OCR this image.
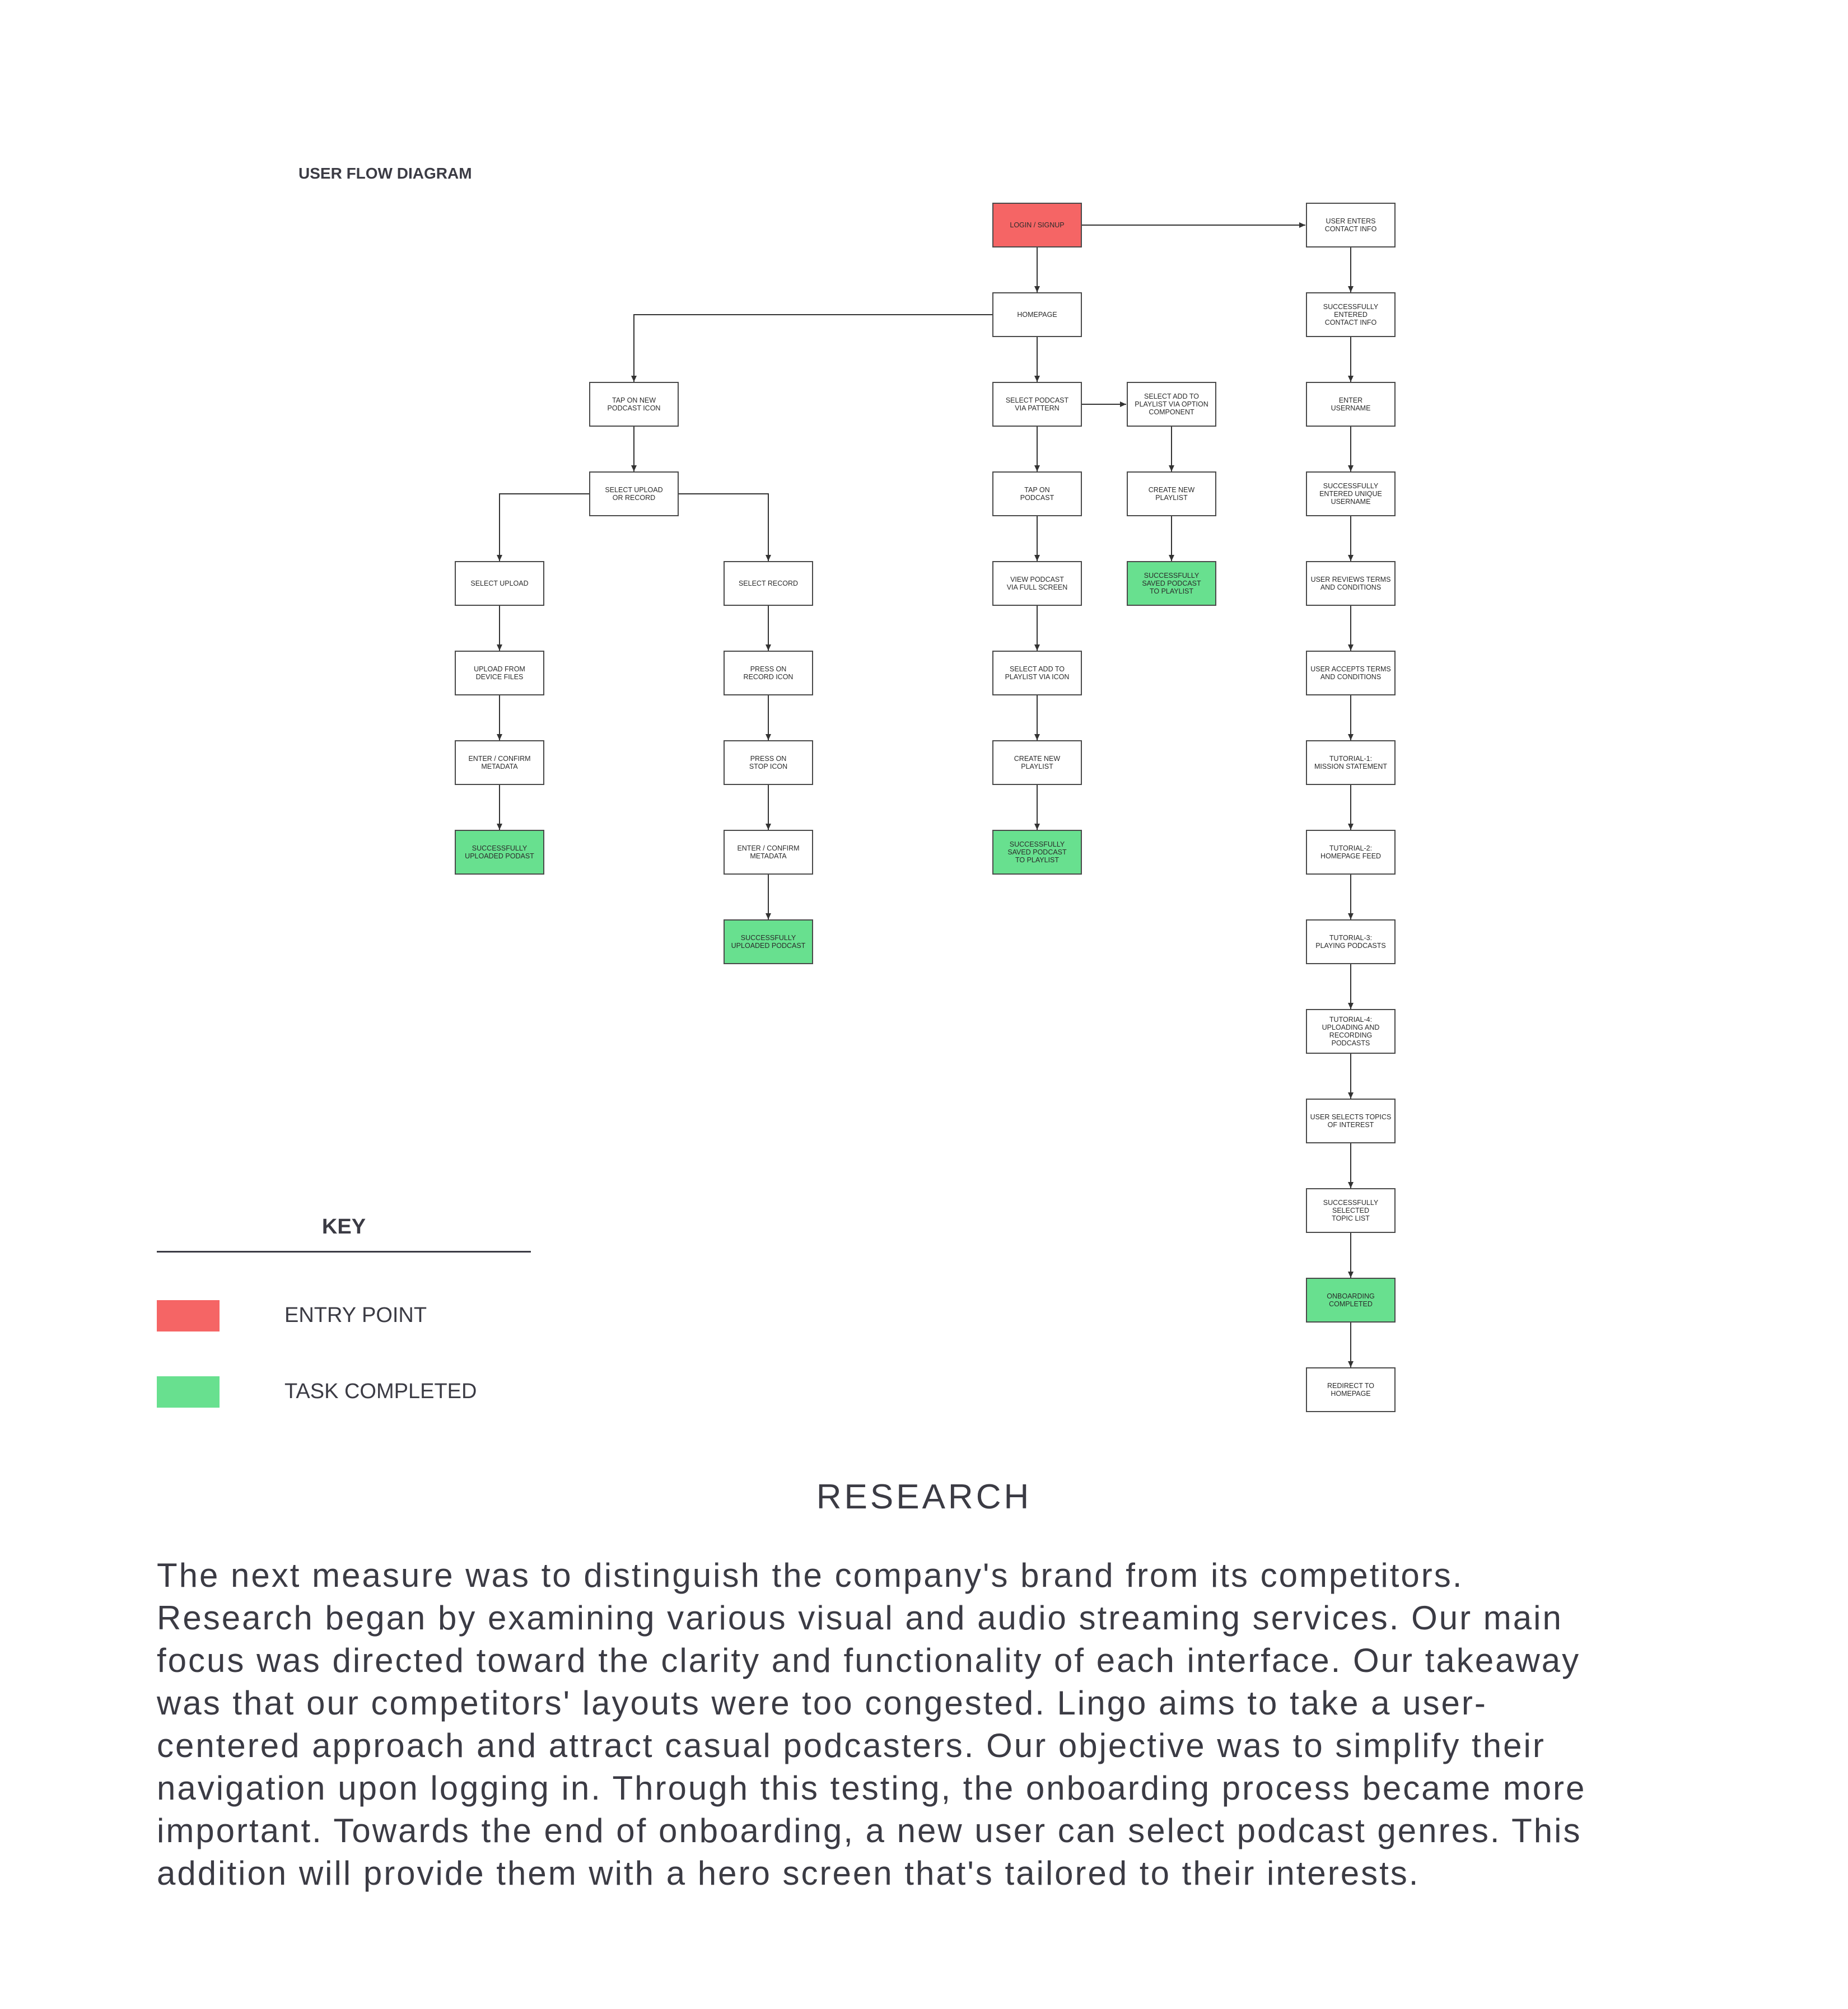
USER FLOW DIAGRAM
LOGIN / SIGNUP
HOMEPAGE
SELECT PODCAST
VIA PATTERN
TAP ON
PODCAST
VIEW PODCAST
VIA FULL SCREEN
SELECT ADD TO
PLAYLIST VIA ICON
CREATE NEW
PLAYLIST
SUCCESSFULLY
SAVED PODCAST
TO PLAYLIST
SELECT ADD TO
PLAYLIST VIA OPTION
COMPONENT
CREATE NEW
PLAYLIST
SUCCESSFULLY
SAVED PODCAST
TO PLAYLIST
TAP ON NEW
PODCAST ICON
SELECT UPLOAD
OR RECORD
SELECT UPLOAD
UPLOAD FROM
DEVICE FILES
ENTER / CONFIRM
METADATA
SUCCESSFULLY
UPLOADED PODAST
SELECT RECORD
PRESS ON
RECORD ICON
PRESS ON
STOP ICON
ENTER / CONFIRM
METADATA
SUCCESSFULLY
UPLOADED PODCAST
USER ENTERS
CONTACT INFO
SUCCESSFULLY
ENTERED
CONTACT INFO
ENTER
USERNAME
SUCCESSFULLY
ENTERED UNIQUE
USERNAME
USER REVIEWS TERMS
AND CONDITIONS
USER ACCEPTS TERMS
AND CONDITIONS
TUTORIAL-1:
MISSION STATEMENT
TUTORIAL-2:
HOMEPAGE FEED
TUTORIAL-3:
PLAYING PODCASTS
TUTORIAL-4:
UPLOADING AND
RECORDING PODCASTS
USER SELECTS TOPICS
OF INTEREST
SUCCESSFULLY
SELECTED
TOPIC LIST
ONBOARDING
COMPLETED
REDIRECT TO
HOMEPAGE
KEY
ENTRY POINT
TASK COMPLETED
RESEARCH
The next measure was to distinguish the company's brand from its competitors.
Research began by examining various visual and audio streaming services. Our main
focus was directed toward the clarity and functionality of each interface. Our takeaway
was that our competitors' layouts were too congested. Lingo aims to take a user-
centered approach and attract casual podcasters. Our objective was to simplify their
navigation upon logging in. Through this testing, the onboarding process became more
important. Towards the end of onboarding, a new user can select podcast genres. This
addition will provide them with a hero screen that's tailored to their interests.
